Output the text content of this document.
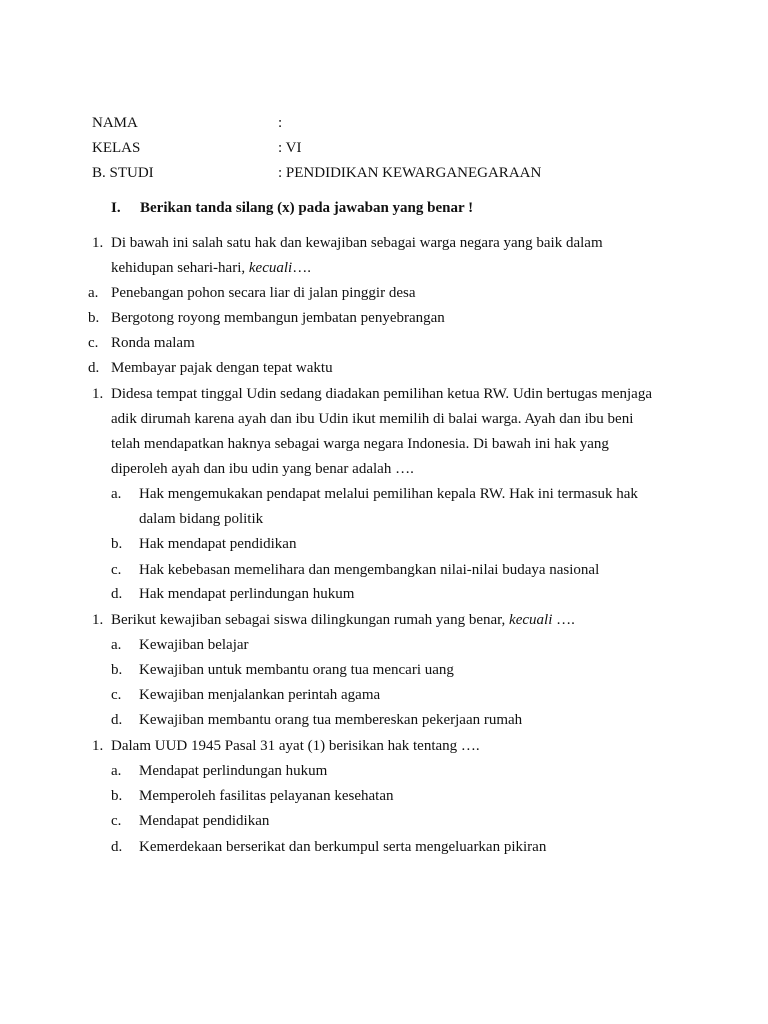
NAMA	:
KELAS	: VI
B. STUDI	: PENDIDIKAN KEWARGANEGARAAN
I. Berikan tanda silang (x) pada jawaban yang benar !
1. Di bawah ini salah satu hak dan kewajiban sebagai warga negara yang baik dalam
kehidupan sehari-hari, kecuali….
a. Penebangan pohon secara liar di jalan pinggir desa
b. Bergotong royong membangun jembatan penyebrangan
c. Ronda malam
d. Membayar pajak dengan tepat waktu
1. Didesa tempat tinggal Udin sedang diadakan pemilihan ketua RW. Udin bertugas menjaga
adik dirumah karena ayah dan ibu Udin ikut memilih di balai warga. Ayah dan ibu beni
telah mendapatkan haknya sebagai warga negara Indonesia. Di bawah ini hak yang
diperoleh ayah dan ibu udin yang benar adalah ….
a. Hak mengemukakan pendapat melalui pemilihan kepala RW. Hak ini termasuk hak
dalam bidang politik
b. Hak mendapat pendidikan
c. Hak kebebasan memelihara dan mengembangkan nilai-nilai budaya nasional
d. Hak mendapat perlindungan hukum
1. Berikut kewajiban sebagai siswa dilingkungan rumah yang benar, kecuali ….
a. Kewajiban belajar
b. Kewajiban untuk membantu orang tua mencari uang
c. Kewajiban menjalankan perintah agama
d. Kewajiban membantu orang tua membereskan pekerjaan rumah
1. Dalam UUD 1945 Pasal 31 ayat (1) berisikan hak tentang ….
a. Mendapat perlindungan hukum
b. Memperoleh fasilitas pelayanan kesehatan
c. Mendapat pendidikan
d. Kemerdekaan berserikat dan berkumpul serta mengeluarkan pikiran
